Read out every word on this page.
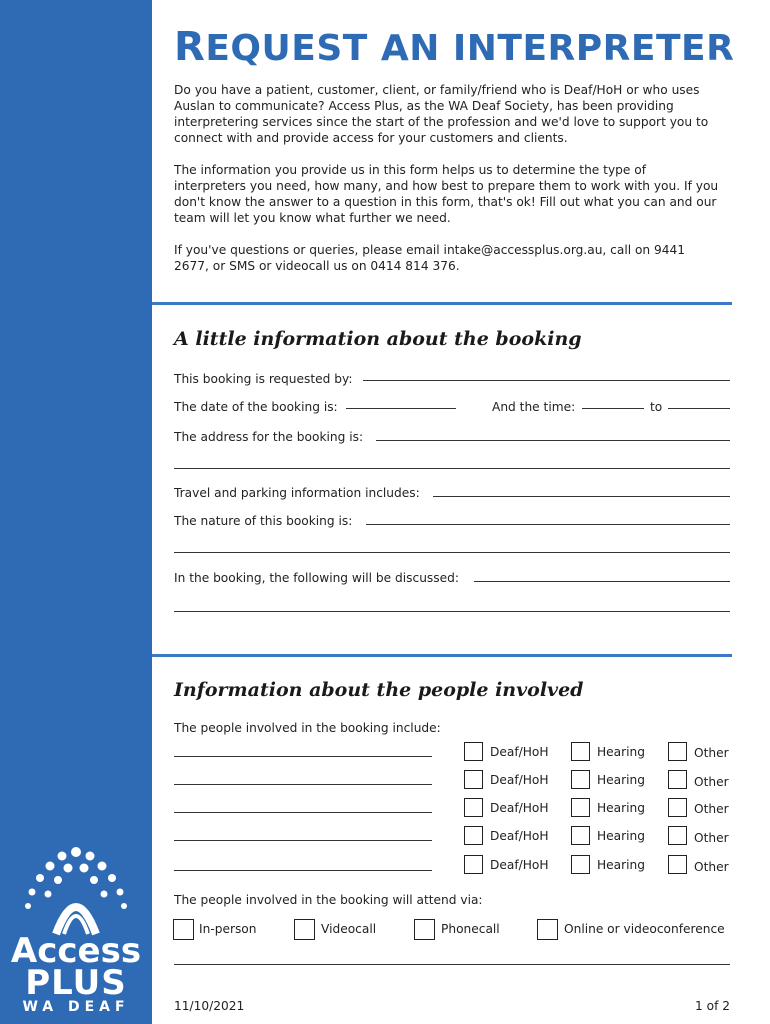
Access
PLUS
WA DEAF
REQUEST AN INTERPRETER

Do you have a patient, customer, client, or family/friend who is Deaf/HoH or who uses Auslan to communicate? Access Plus, as the WA Deaf Society, has been providing interpretering services since the start of the profession and we'd love to support you to connect with and provide access for your customers and clients.

The information you provide us in this form helps us to determine the type of interpreters you need, how many, and how best to prepare them to work with you. If you don't know the answer to a question in this form, that's ok! Fill out what you can and our team will let you know what further we need.

If you've questions or queries, please email intake@accessplus.org.au, call on 9441 2677, or SMS or videocall us on 0414 814 376.

A little information about the booking
This booking is requested by:
The date of the booking is:	And the time:	to
The address for the booking is:
Travel and parking information includes:
The nature of this booking is:
In the booking, the following will be discussed:
Information about the people involved
The people involved in the booking include:
Deaf/HoH	Hearing	Other
Deaf/HoH	Hearing	Other
Deaf/HoH	Hearing	Other
Deaf/HoH	Hearing	Other
Deaf/HoH	Hearing	Other
The people involved in the booking will attend via:
In-person	Videocall	Phonecall	Online or videoconference
11/10/2021	1 of 2
